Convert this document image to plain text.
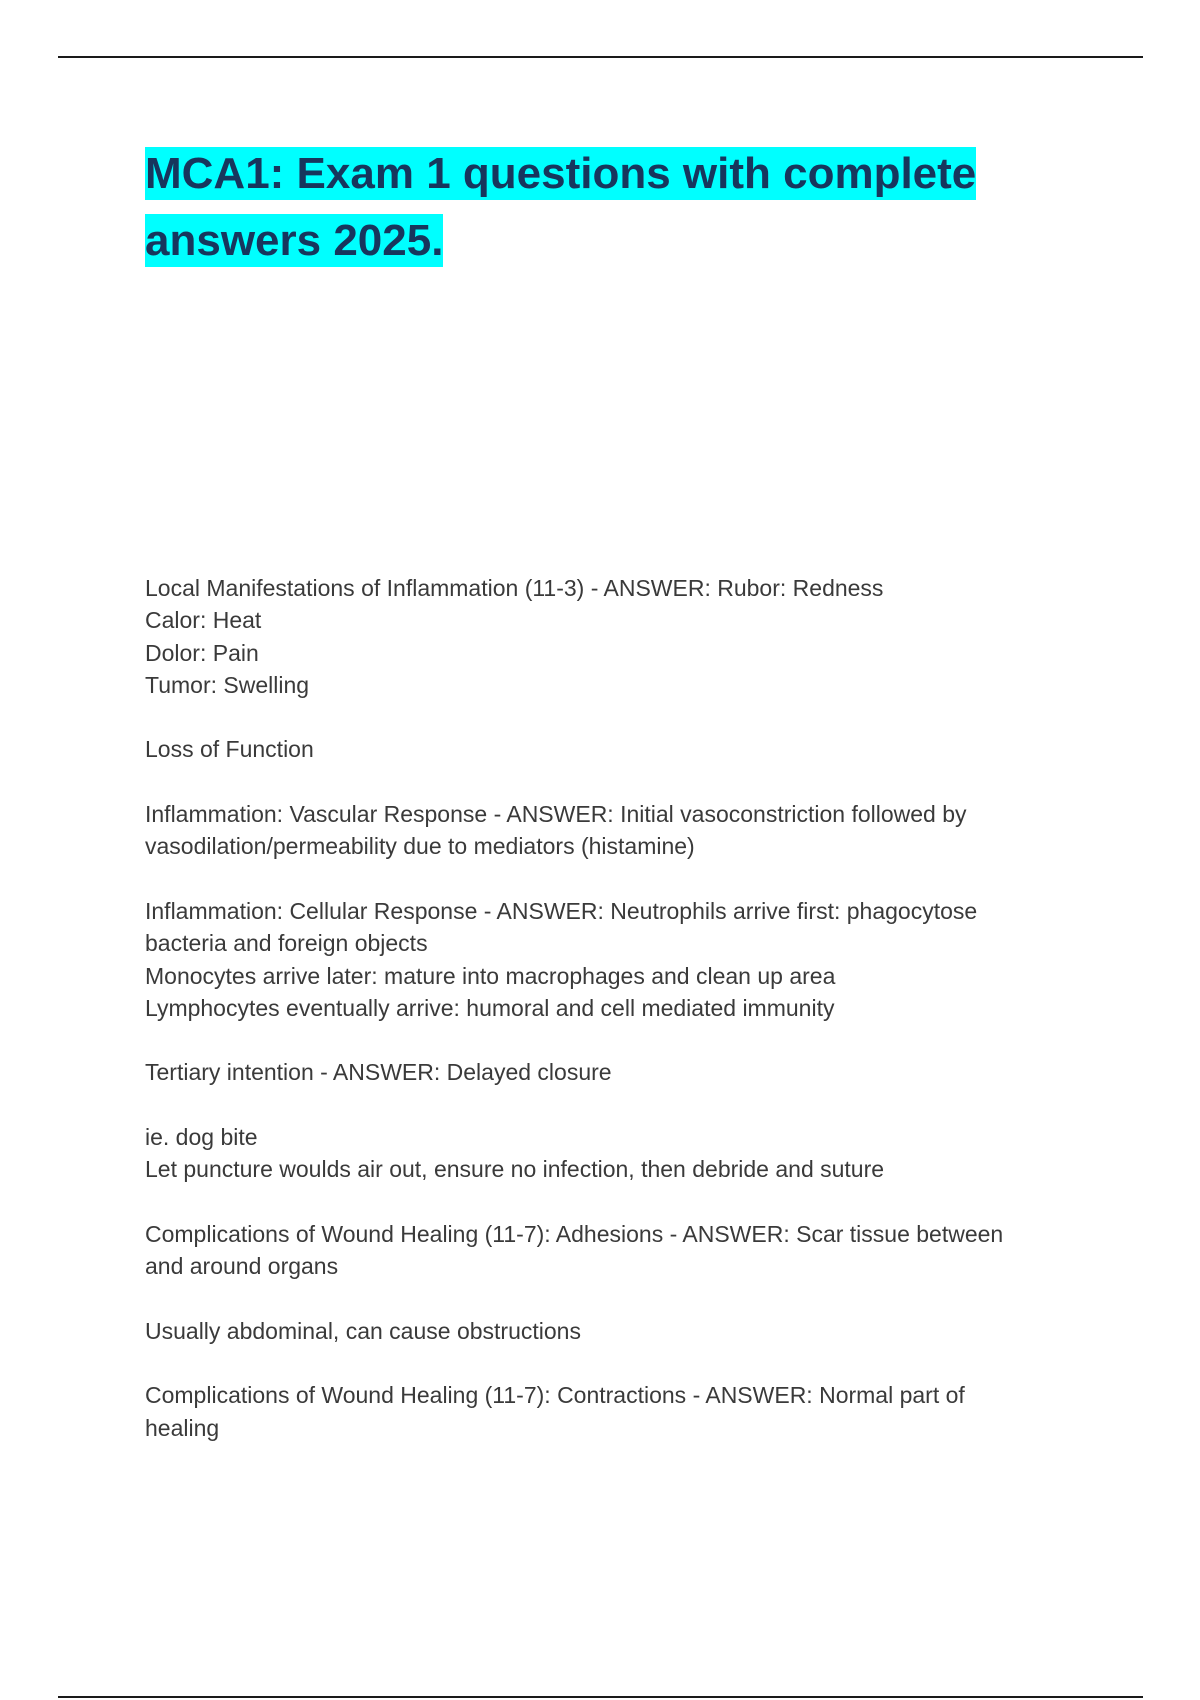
MCA1: Exam 1 questions with complete
answers 2025.
Local Manifestations of Inflammation (11-3) - ANSWER: Rubor: Redness
Calor: Heat
Dolor: Pain
Tumor: Swelling
Loss of Function
Inflammation: Vascular Response - ANSWER: Initial vasoconstriction followed by
vasodilation/permeability due to mediators (histamine)
Inflammation: Cellular Response - ANSWER: Neutrophils arrive first: phagocytose
bacteria and foreign objects
Monocytes arrive later: mature into macrophages and clean up area
Lymphocytes eventually arrive: humoral and cell mediated immunity
Tertiary intention - ANSWER: Delayed closure
ie. dog bite
Let puncture woulds air out, ensure no infection, then debride and suture
Complications of Wound Healing (11-7): Adhesions - ANSWER: Scar tissue between
and around organs
Usually abdominal, can cause obstructions
Complications of Wound Healing (11-7): Contractions - ANSWER: Normal part of
healing
